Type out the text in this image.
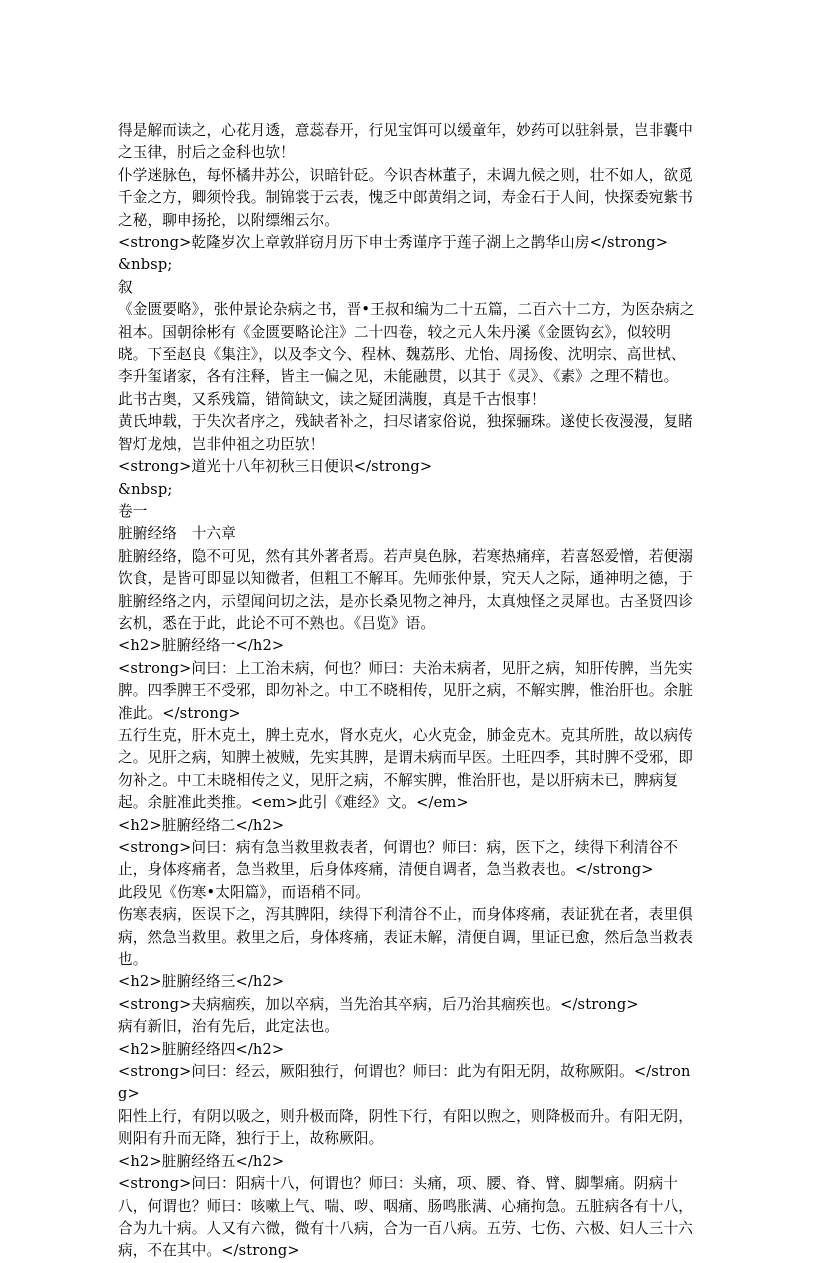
得是解而读之，心花月透，意蕊春开，行见宝饵可以缓童年，妙药可以驻斜景，岂非囊中之玉律，肘后之金科也欤！
仆学迷脉色，每怀橘井苏公，识暗针砭。今识杏林董子，未调九候之则，壮不如人，欲觅千金之方，卿须怜我。制锦裳于云表，愧乏中郎黄绢之词，寿金石于人间，快探委宛紫书之秘，聊申扬抡，以附缥缃云尔。
<strong>乾隆岁次上章敦牂窃月历下申士秀谨序于莲子湖上之鹊华山房</strong>
&nbsp;
叙
《金匮要略》，张仲景论杂病之书，晋•王叔和编为二十五篇，二百六十二方，为医杂病之祖本。国朝徐彬有《金匮要略论注》二十四卷，较之元人朱丹溪《金匮钩玄》，似较明晓。下至赵良《集注》，以及李文今、程林、魏荔彤、尤怡、周扬俊、沈明宗、高世栻、李升玺诸家，各有注释，皆主一偏之见，未能融贯，以其于《灵》、《素》之理不精也。
此书古奥，又系残篇，错简缺文，读之疑团满腹，真是千古恨事！
黄氏坤载，于失次者序之，残缺者补之，扫尽诸家俗说，独探骊珠。遂使长夜漫漫，复睹智灯龙烛，岂非仲祖之功臣欤！
<strong>道光十八年初秋三日便识</strong>
&nbsp;
卷一
脏腑经络　十六章
脏腑经络，隐不可见，然有其外著者焉。若声臭色脉，若寒热痛痒，若喜怒爱憎，若便溺饮食，是皆可即显以知微者，但粗工不解耳。先师张仲景，究天人之际，通神明之德，于脏腑经络之内，示望闻问切之法，是亦长桑见物之神丹，太真烛怪之灵犀也。古圣贤四诊玄机，悉在于此，此论不可不熟也。《吕览》语。
<h2>脏腑经络一</h2>
<strong>问曰：上工治未病，何也？师曰：夫治未病者，见肝之病，知肝传脾，当先实脾。四季脾王不受邪，即勿补之。中工不晓相传，见肝之病，不解实脾，惟治肝也。余脏准此。</strong>
五行生克，肝木克土，脾土克水，肾水克火，心火克金，肺金克木。克其所胜，故以病传之。见肝之病，知脾土被贼，先实其脾，是谓未病而早医。土旺四季，其时脾不受邪，即勿补之。中工未晓相传之义，见肝之病，不解实脾，惟治肝也，是以肝病未已，脾病复起。余脏准此类推。<em>此引《难经》文。</em>
<h2>脏腑经络二</h2>
<strong>问曰：病有急当救里救表者，何谓也？师曰：病，医下之，续得下利清谷不止，身体疼痛者，急当救里，后身体疼痛，清便自调者，急当救表也。</strong>
此段见《伤寒•太阳篇》，而语稍不同。
伤寒表病，医误下之，泻其脾阳，续得下利清谷不止，而身体疼痛，表证犹在者，表里俱病，然急当救里。救里之后，身体疼痛，表证未解，清便自调，里证已愈，然后急当救表也。
<h2>脏腑经络三</h2>
<strong>夫病痼疾，加以卒病，当先治其卒病，后乃治其痼疾也。</strong>
病有新旧，治有先后，此定法也。
<h2>脏腑经络四</h2>
<strong>问曰：经云，厥阳独行，何谓也？师曰：此为有阳无阴，故称厥阳。</strong>
阳性上行，有阴以吸之，则升极而降，阴性下行，有阳以煦之，则降极而升。有阳无阴，则阳有升而无降，独行于上，故称厥阳。
<h2>脏腑经络五</h2>
<strong>问曰：阳病十八，何谓也？师曰：头痛，项、腰、脊、臂、脚掣痛。阴病十八，何谓也？师曰：咳嗽上气、喘、哕、咽痛、肠鸣胀满、心痛拘急。五脏病各有十八，合为九十病。人又有六微，微有十八病，合为一百八病。五劳、七伤、六极、妇人三十六病，不在其中。</strong>
